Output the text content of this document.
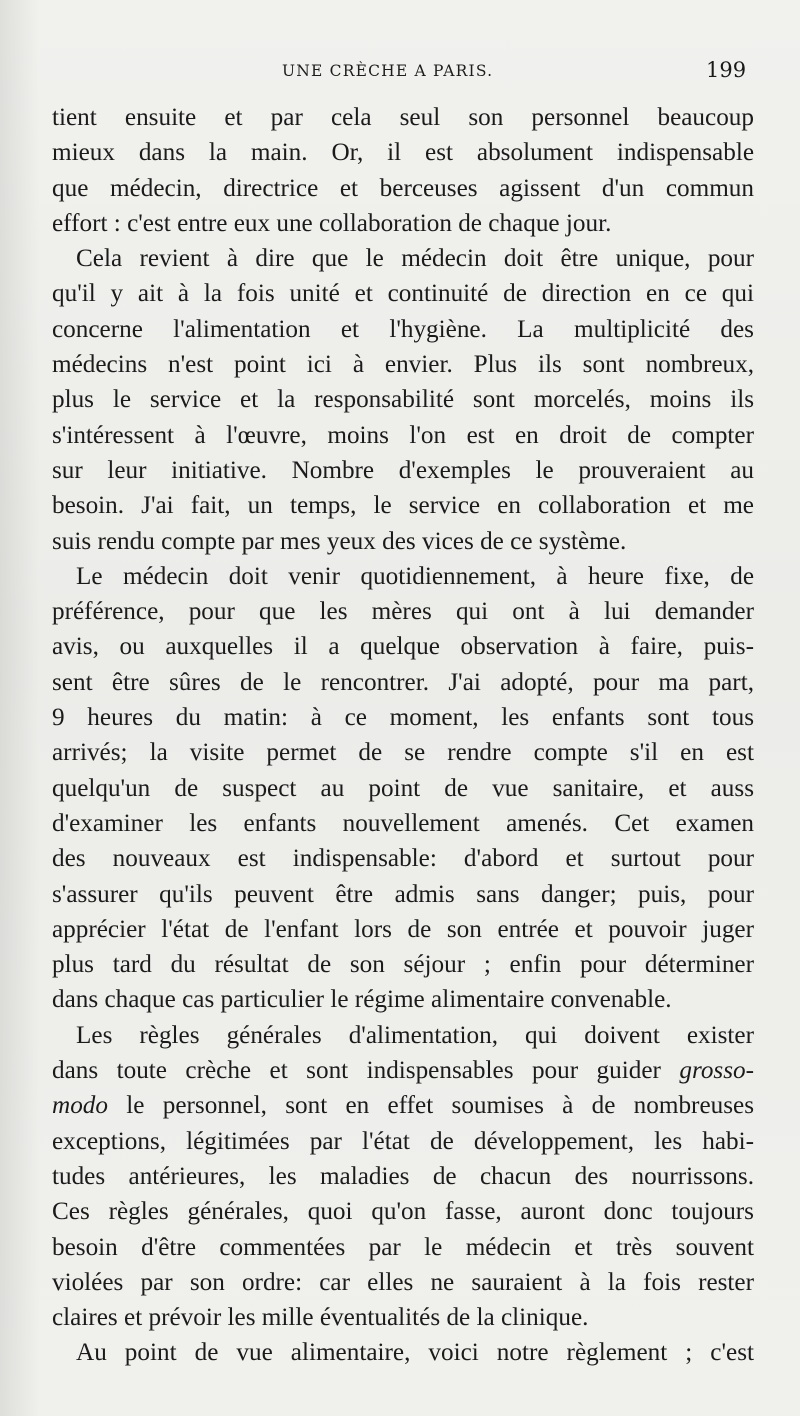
UNE CRÈCHE A PARIS.	199
tient ensuite et par cela seul son personnel beaucoup
mieux dans la main. Or, il est absolument indispensable
que médecin, directrice et berceuses agissent d'un commun
effort : c'est entre eux une collaboration de chaque jour.
Cela revient à dire que le médecin doit être unique, pour
qu'il y ait à la fois unité et continuité de direction en ce qui
concerne l'alimentation et l'hygiène. La multiplicité des
médecins n'est point ici à envier. Plus ils sont nombreux,
plus le service et la responsabilité sont morcelés, moins ils
s'intéressent à l'œuvre, moins l'on est en droit de compter
sur leur initiative. Nombre d'exemples le prouveraient au
besoin. J'ai fait, un temps, le service en collaboration et me
suis rendu compte par mes yeux des vices de ce système.
Le médecin doit venir quotidiennement, à heure fixe, de
préférence, pour que les mères qui ont à lui demander
avis, ou auxquelles il a quelque observation à faire, puis-
sent être sûres de le rencontrer. J'ai adopté, pour ma part,
9 heures du matin: à ce moment, les enfants sont tous
arrivés; la visite permet de se rendre compte s'il en est
quelqu'un de suspect au point de vue sanitaire, et auss
d'examiner les enfants nouvellement amenés. Cet examen
des nouveaux est indispensable: d'abord et surtout pour
s'assurer qu'ils peuvent être admis sans danger; puis, pour
apprécier l'état de l'enfant lors de son entrée et pouvoir juger
plus tard du résultat de son séjour ; enfin pour déterminer
dans chaque cas particulier le régime alimentaire convenable.
Les règles générales d'alimentation, qui doivent exister
dans toute crèche et sont indispensables pour guider grosso-
modo le personnel, sont en effet soumises à de nombreuses
exceptions, légitimées par l'état de développement, les habi-
tudes antérieures, les maladies de chacun des nourrissons.
Ces règles générales, quoi qu'on fasse, auront donc toujours
besoin d'être commentées par le médecin et très souvent
violées par son ordre: car elles ne sauraient à la fois rester
claires et prévoir les mille éventualités de la clinique.
Au point de vue alimentaire, voici notre règlement ; c'est
